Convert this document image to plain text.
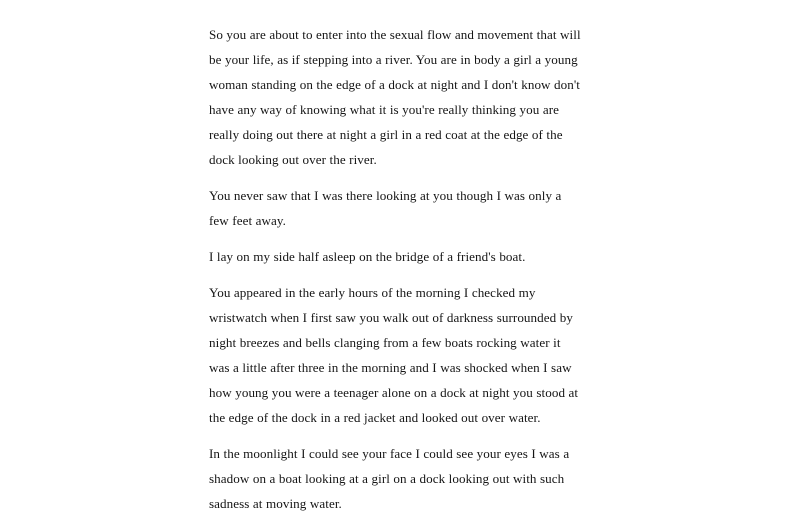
So you are about to enter into the sexual flow and movement that will be your life, as if stepping into a river. You are in body a girl a young woman standing on the edge of a dock at night and I don't know don't have any way of knowing what it is you're really thinking you are really doing out there at night a girl in a red coat at the edge of the dock looking out over the river.

You never saw that I was there looking at you though I was only a few feet away.

I lay on my side half asleep on the bridge of a friend's boat.

You appeared in the early hours of the morning I checked my wristwatch when I first saw you walk out of darkness surrounded by night breezes and bells clanging from a few boats rocking water it was a little after three in the morning and I was shocked when I saw how young you were a teenager alone on a dock at night you stood at the edge of the dock in a red jacket and looked out over water.

In the moonlight I could see your face I could see your eyes I was a shadow on a boat looking at a girl on a dock looking out with such sadness at moving water.
